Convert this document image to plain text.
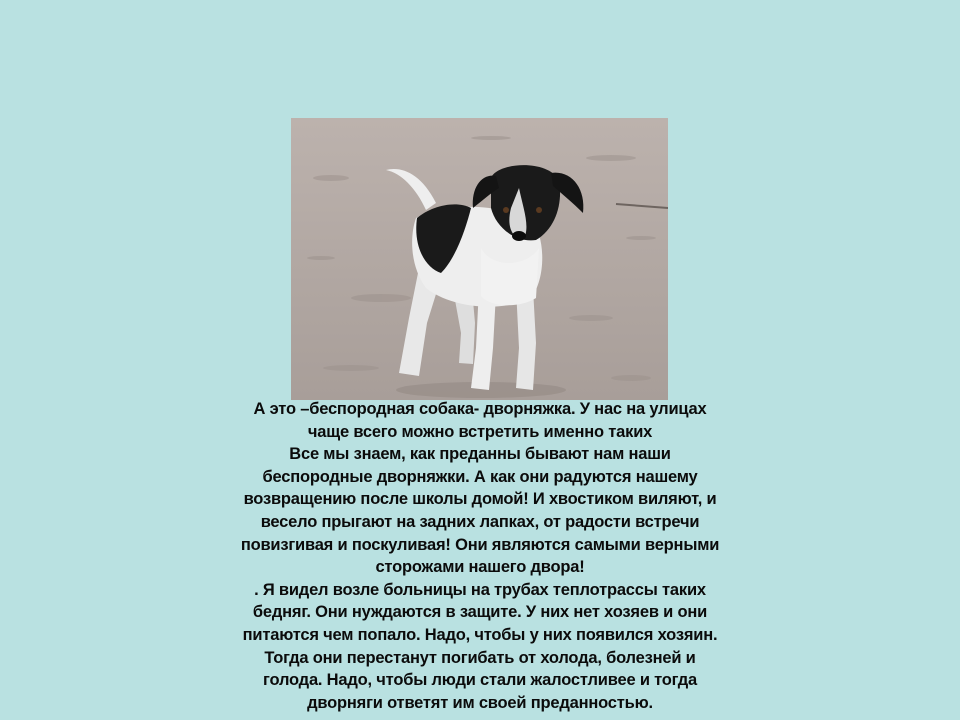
А это –беспородная собака- дворняжка. У нас на улицах
чаще всего можно встретить именно таких
Все мы знаем, как преданны бывают нам наши
беспородные дворняжки. А как они радуются нашему
возвращению после школы домой! И хвостиком виляют, и
весело прыгают на задних лапках, от радости встречи
повизгивая и поскуливая! Они являются самыми верными
сторожами нашего двора!
. Я видел возле больницы на трубах теплотрассы таких
бедняг. Они нуждаются в защите. У них нет хозяев и они
питаются чем попало. Надо, чтобы у них появился хозяин.
Тогда они перестанут погибать от холода, болезней и
голода. Надо, чтобы люди стали жалостливее и тогда
дворняги ответят им своей преданностью.
